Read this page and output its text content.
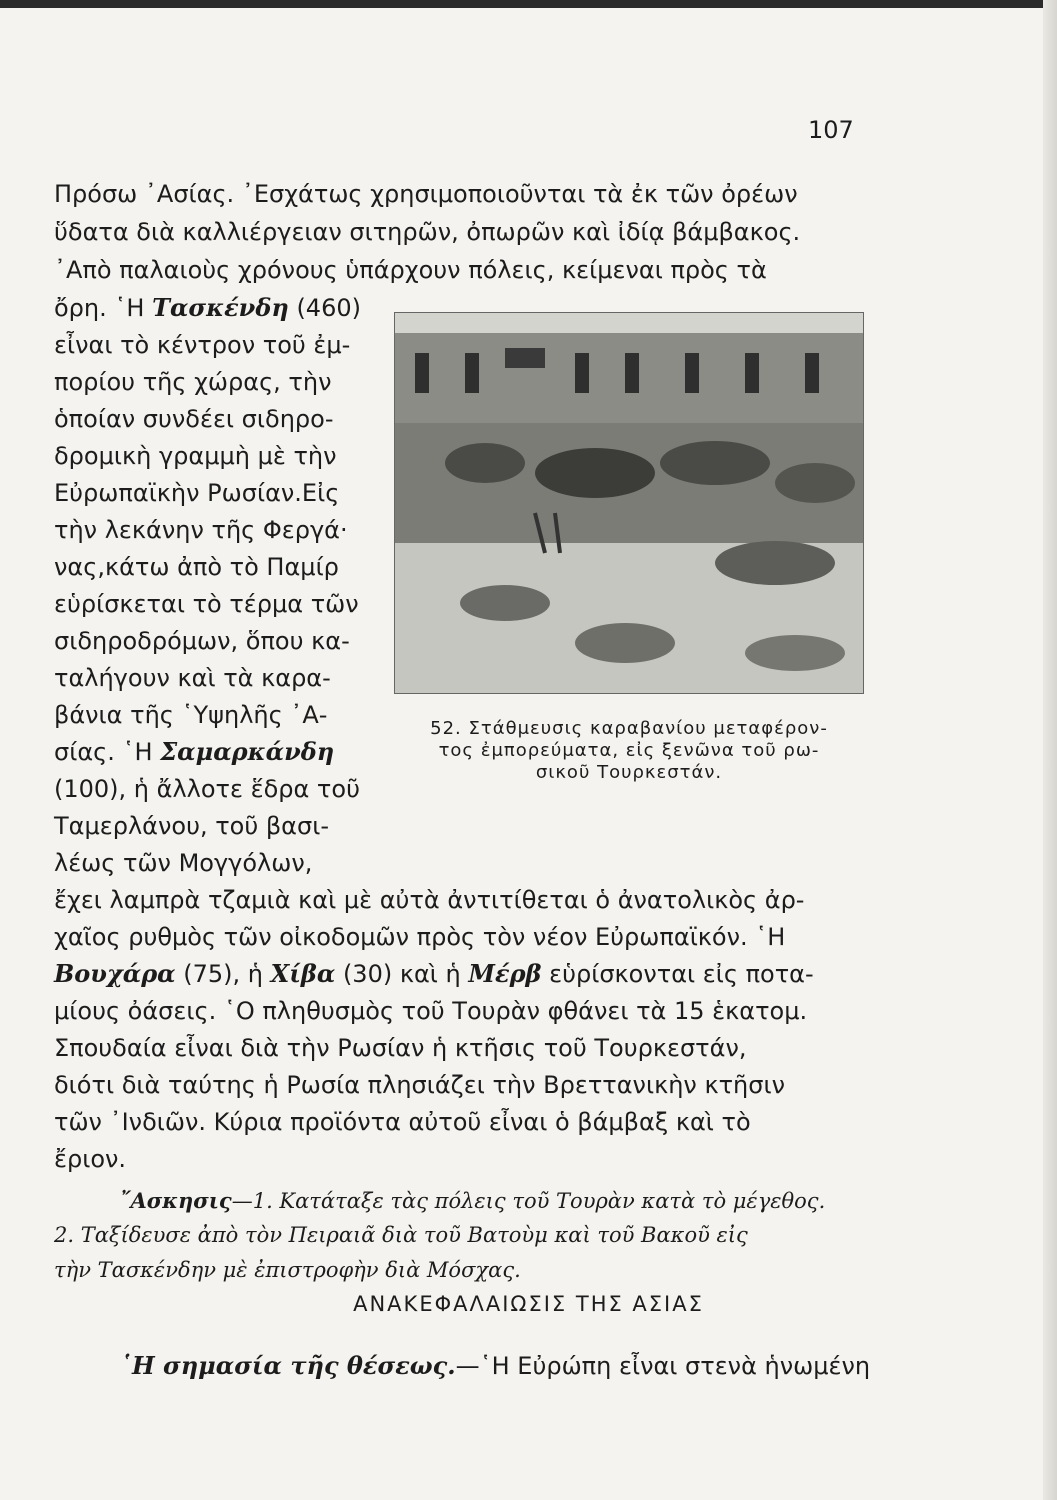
107
Πρόσω ᾿Ασίας. ᾿Εσχάτως χρησιμοποιοῦνται τὰ ἐκ τῶν ὀρέων
ὕδατα διὰ καλλιέργειαν σιτηρῶν, ὀπωρῶν καὶ ἰδίᾳ βάμβακος.
᾿Απὸ παλαιοὺς χρόνους ὑπάρχουν πόλεις, κείμεναι πρὸς τὰ
ὄρη. ῾Η Τασκένδη (460)
εἶναι τὸ κέντρον τοῦ ἐμ-
πορίου τῆς χώρας, τὴν
ὁποίαν συνδέει σιδηρο-
δρομικὴ γραμμὴ μὲ τὴν
Εὐρωπαϊκὴν Ρωσίαν.Εἰς
τὴν λεκάνην τῆς Φεργά·
νας,κάτω ἀπὸ τὸ Παμίρ
εὑρίσκεται τὸ τέρμα τῶν
σιδηροδρόμων, ὅπου κα-
ταλήγουν καὶ τὰ καρα-
βάνια τῆς ῾Υψηλῆς ᾿Α-
σίας. ῾Η Σαμαρκάνδη
(100), ἡ ἄλλοτε ἕδρα τοῦ
Ταμερλάνου, τοῦ βασι-
λέως τῶν Μογγόλων,
52. Στάθμευσις καραβανίου μεταφέρον-
τος ἐμπορεύματα, εἰς ξενῶνα τοῦ ρω-
σικοῦ Τουρκεστάν.
ἔχει λαμπρὰ τζαμιὰ καὶ μὲ αὐτὰ ἀντιτίθεται ὁ ἀνατολικὸς ἀρ-
χαῖος ρυθμὸς τῶν οἰκοδομῶν πρὸς τὸν νέον Εὐρωπαϊκόν. ῾Η
Βουχάρα (75), ἡ Χίβα (30) καὶ ἡ Μέρβ εὑρίσκονται εἰς ποτα-
μίους ὀάσεις. ῾Ο πληθυσμὸς τοῦ Τουρὰν φθάνει τὰ 15 ἑκατομ.
Σπουδαία εἶναι διὰ τὴν Ρωσίαν ἡ κτῆσις τοῦ Τουρκεστάν,
διότι διὰ ταύτης ἡ Ρωσία πλησιάζει τὴν Βρεττανικὴν κτῆσιν
τῶν ᾿Ινδιῶν. Κύρια προϊόντα αὐτοῦ εἶναι ὁ βάμβαξ καὶ τὸ
ἔριον.
῎Ασκησις—1. Κατάταξε τὰς πόλεις τοῦ Τουρὰν κατὰ τὸ μέγεθος.
2. Ταξίδευσε ἀπὸ τὸν Πειραιᾶ διὰ τοῦ Βατοὺμ καὶ τοῦ Βακοῦ εἰς
τὴν Τασκένδην μὲ ἐπιστροφὴν διὰ Μόσχας.
ΑΝΑΚΕΦΑΛΑΙΩΣΙΣ ΤΗΣ ΑΣΙΑΣ
῾Η σημασία τῆς θέσεως.—῾Η Εὐρώπη εἶναι στενὰ ἡνωμένη
